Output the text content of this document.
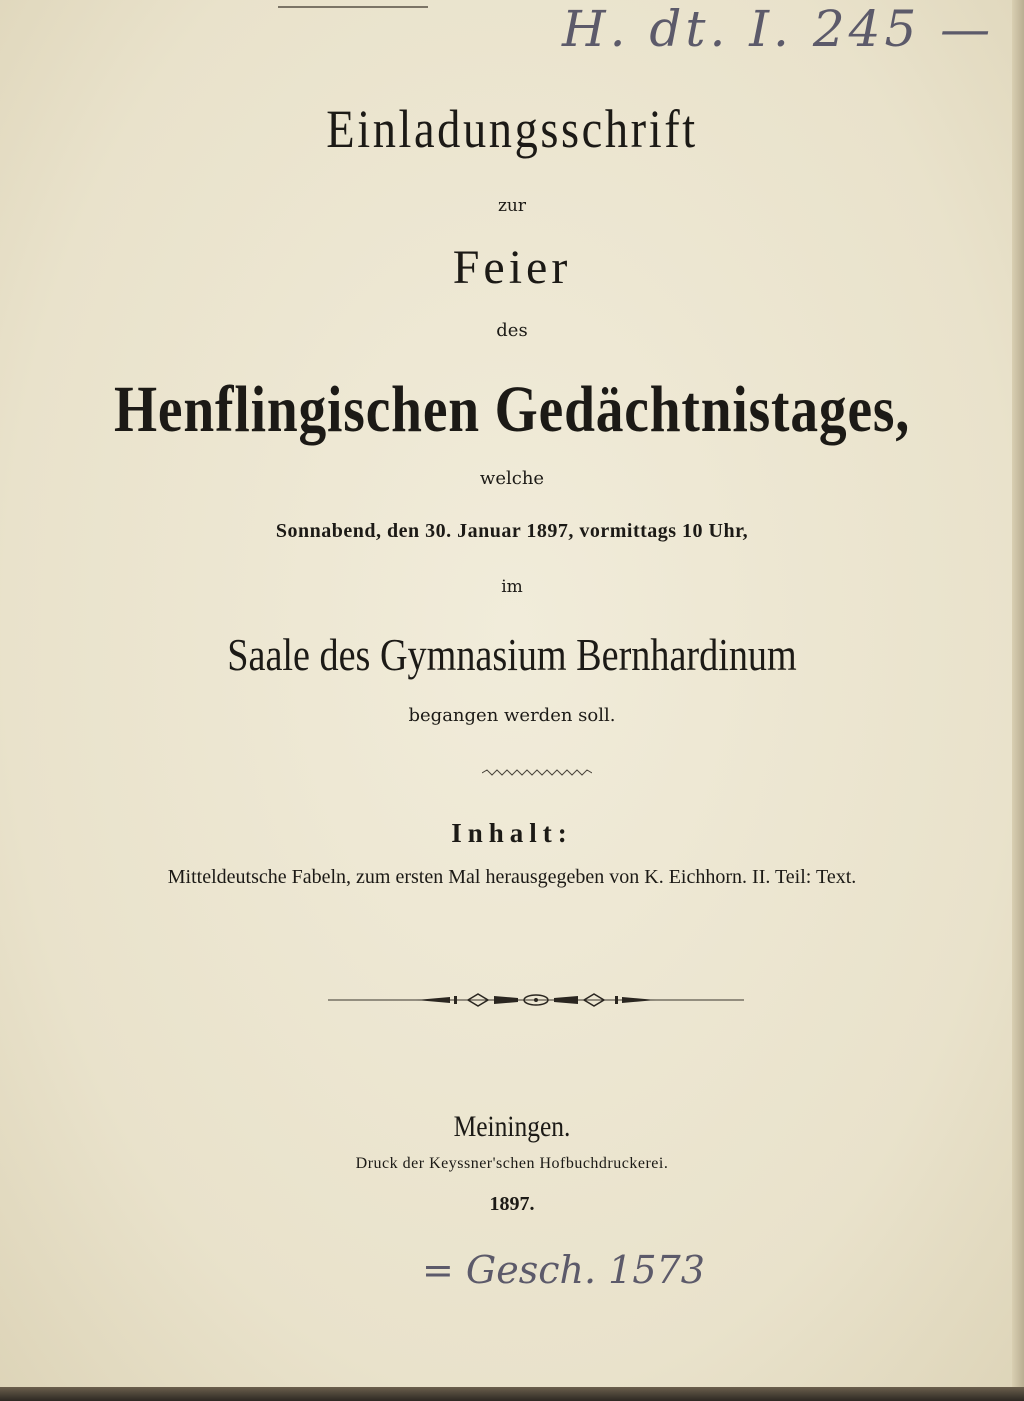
H. dt. I. 245 —
Einladungsschrift
zur
Feier
des
Henflingischen Gedächtnistages,
welche
Sonnabend, den 30. Januar 1897, vormittags 10 Uhr,
im
Saale des Gymnasium Bernhardinum
begangen werden soll.
Inhalt:
Mitteldeutsche Fabeln, zum ersten Mal herausgegeben von K. Eichhorn. II. Teil: Text.
Meiningen.
Druck der Keyssner'schen Hofbuchdruckerei.
1897.
= Gesch. 1573
